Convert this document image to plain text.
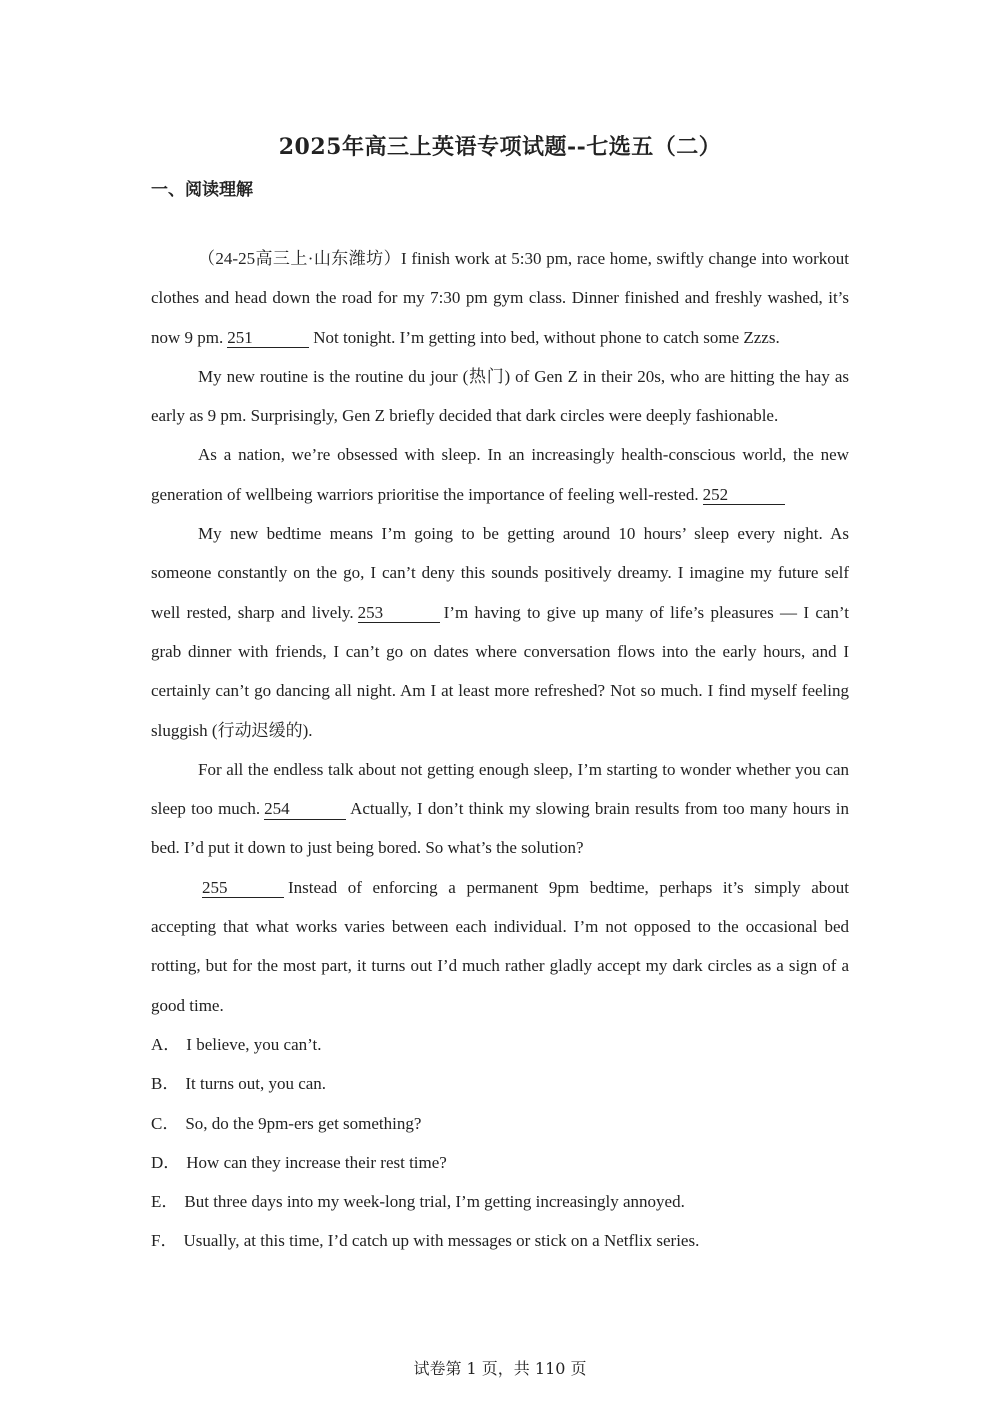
2025年高三上英语专项试题--七选五（二）
一、阅读理解

（24-25高三上·山东潍坊）I finish work at 5:30 pm, race home, swiftly change into workout clothes and head down the road for my 7:30 pm gym class. Dinner finished and freshly washed, it’s now 9 pm. 251	Not tonight. I’m getting into bed, without phone to catch some Zzzs.

My new routine is the routine du jour (热门) of Gen Z in their 20s, who are hitting the hay as early as 9 pm. Surprisingly, Gen Z briefly decided that dark circles were deeply fashionable.

As a nation, we’re obsessed with sleep. In an increasingly health-conscious world, the new generation of wellbeing warriors prioritise the importance of feeling well-rested. 252

My new bedtime means I’m going to be getting around 10 hours’ sleep every night. As someone constantly on the go, I can’t deny this sounds positively dreamy. I imagine my future self well rested, sharp and lively. 253	I’m having to give up many of life’s pleasures — I can’t grab dinner with friends, I can’t go on dates where conversation flows into the early hours, and I certainly can’t go dancing all night. Am I at least more refreshed? Not so much. I find myself feeling sluggish (行动迟缓的).

For all the endless talk about not getting enough sleep, I’m starting to wonder whether you can sleep too much. 254	Actually, I don’t think my slowing brain results from too many hours in bed. I’d put it down to just being bored. So what’s the solution?

255	Instead of enforcing a permanent 9pm bedtime, perhaps it’s simply about accepting that what works varies between each individual. I’m not opposed to the occasional bed rotting, but for the most part, it turns out I’d much rather gladly accept my dark circles as a sign of a good time.

A． I believe, you can’t.

B． It turns out, you can.

C． So, do the 9pm-ers get something?

D． How can they increase their rest time?

E． But three days into my week-long trial, I’m getting increasingly annoyed.

F． Usually, at this time, I’d catch up with messages or stick on a Netflix series.

试卷第 1 页，共 110 页
